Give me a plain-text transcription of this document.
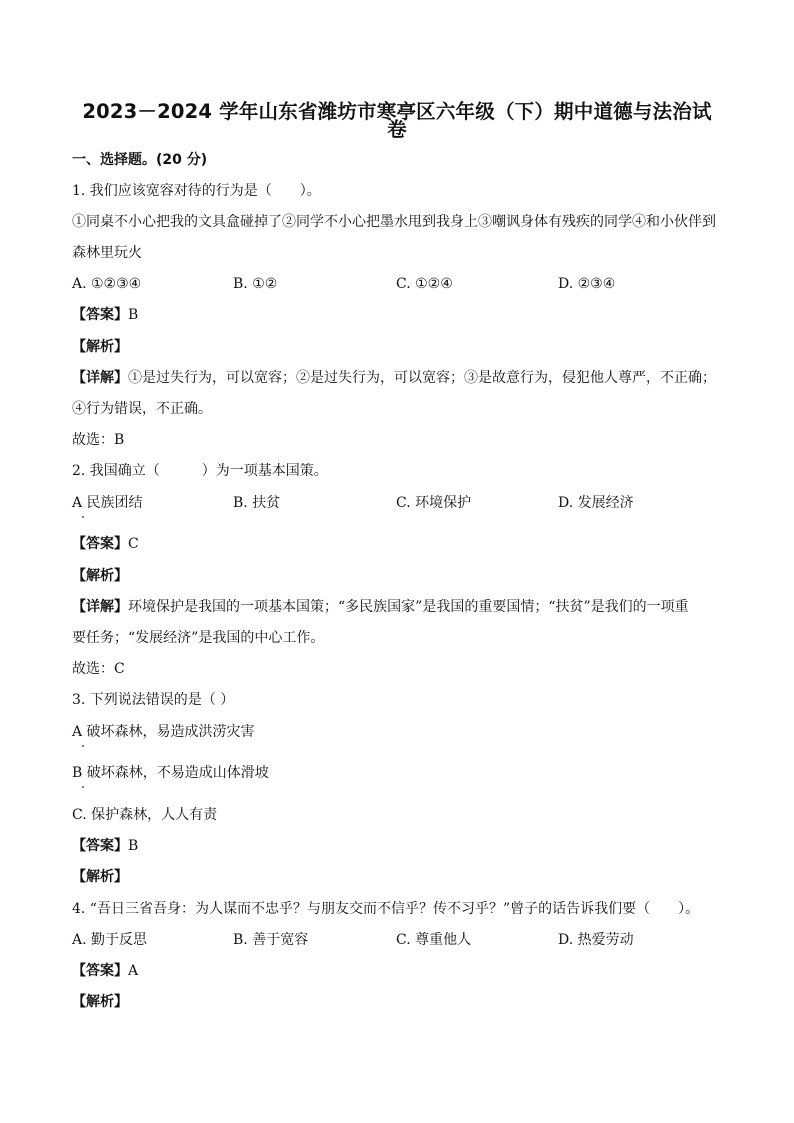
2023－2024 学年山东省潍坊市寒亭区六年级（下）期中道德与法治试
卷
一、选择题。(20 分)
1. 我们应该宽容对待的行为是（　　）。
①同桌不小心把我的文具盒碰掉了②同学不小心把墨水甩到我身上③嘲讽身体有残疾的同学④和小伙伴到
森林里玩火
A. ①②③④	B. ①②	C. ①②④	D. ②③④
【答案】B
【解析】
【详解】①是过失行为，可以宽容；②是过失行为，可以宽容；③是故意行为，侵犯他人尊严，不正确；
④行为错误，不正确。
故选：B
2. 我国确立（　　　）为一项基本国策。
A 民族团结	B. 扶贫	C. 环境保护	D. 发展经济
【答案】C
【解析】
【详解】环境保护是我国的一项基本国策；“多民族国家”是我国的重要国情；“扶贫”是我们的一项重
要任务；“发展经济”是我国的中心工作。
故选：C
3. 下列说法错误的是（ ）
A 破坏森林，易造成洪涝灾害
B 破坏森林，不易造成山体滑坡
C. 保护森林，人人有责
【答案】B
【解析】
4. “吾日三省吾身：为人谋而不忠乎？与朋友交而不信乎？传不习乎？”曾子的话告诉我们要（　　）。
A. 勤于反思	B. 善于宽容	C. 尊重他人	D. 热爱劳动
【答案】A
【解析】
